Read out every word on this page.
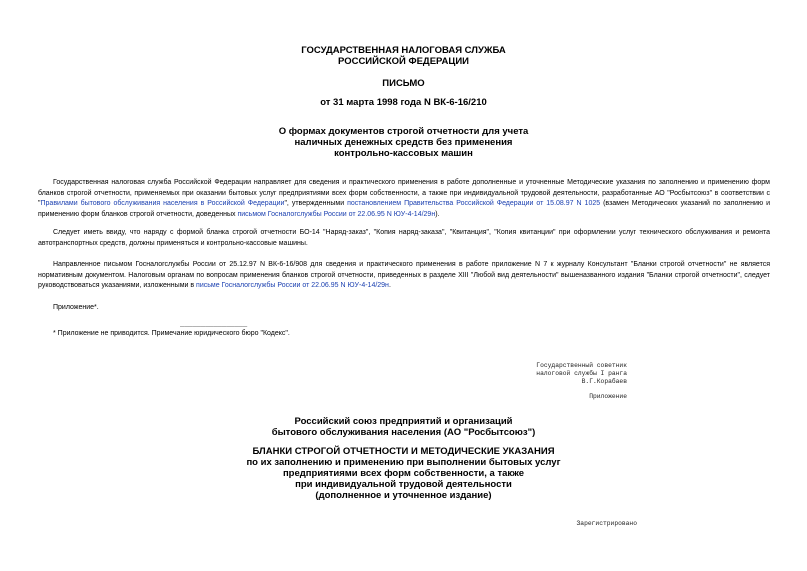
ГОСУДАРСТВЕННАЯ НАЛОГОВАЯ СЛУЖБА
РОССИЙСКОЙ ФЕДЕРАЦИИ
ПИСЬМО
от 31 марта 1998 года N ВК-6-16/210
О формах документов строгой отчетности для учета
наличных денежных средств без применения
контрольно-кассовых машин
Государственная налоговая служба Российской Федерации направляет для сведения и практического применения в работе дополненные и уточненные Методические указания по заполнению и применению форм бланков строгой отчетности, применяемых при оказании бытовых услуг предприятиями всех форм собственности, а также при индивидуальной трудовой деятельности, разработанные АО "Росбытсоюз" в соответствии с "Правилами бытового обслуживания населения в Российской Федерации", утвержденными постановлением Правительства Российской Федерации от 15.08.97 N 1025 (взамен Методических указаний по заполнению и применению форм бланков строгой отчетности, доведенных письмом Госналогслужбы России от 22.06.95 N ЮУ-4-14/29н).
Следует иметь ввиду, что наряду с формой бланка строгой отчетности БО-14 "Наряд-заказ", "Копия наряд-заказа", "Квитанция", "Копия квитанции" при оформлении услуг технического обслуживания и ремонта автотранспортных средств, должны применяться и контрольно-кассовые машины.
Направленное письмом Госналогслужбы России от 25.12.97 N ВК-6-16/908 для сведения и практического применения в работе приложение N 7 к журналу Консультант "Бланки строгой отчетности" не является нормативным документом. Налоговым органам по вопросам применения бланков строгой отчетности, приведенных в разделе XIII "Любой вид деятельности" вышеназванного издания "Бланки строгой отчетности", следует руководствоваться указаниями, изложенными в письме Госналогслужбы России от 22.06.95 N ЮУ-4-14/29н.
Приложение*.
________________
* Приложение не приводится. Примечание юридического бюро "Кодекс".
Государственный советник
налоговой службы I ранга
В.Г.Корабаев
Приложение
Российский союз предприятий и организаций
бытового обслуживания населения (АО "Росбытсоюз")
БЛАНКИ СТРОГОЙ ОТЧЕТНОСТИ И МЕТОДИЧЕСКИЕ УКАЗАНИЯ
по их заполнению и применению при выполнении бытовых услуг
предприятиями всех форм собственности, а также
при индивидуальной трудовой деятельности
(дополненное и уточненное издание)
Зарегистрировано
